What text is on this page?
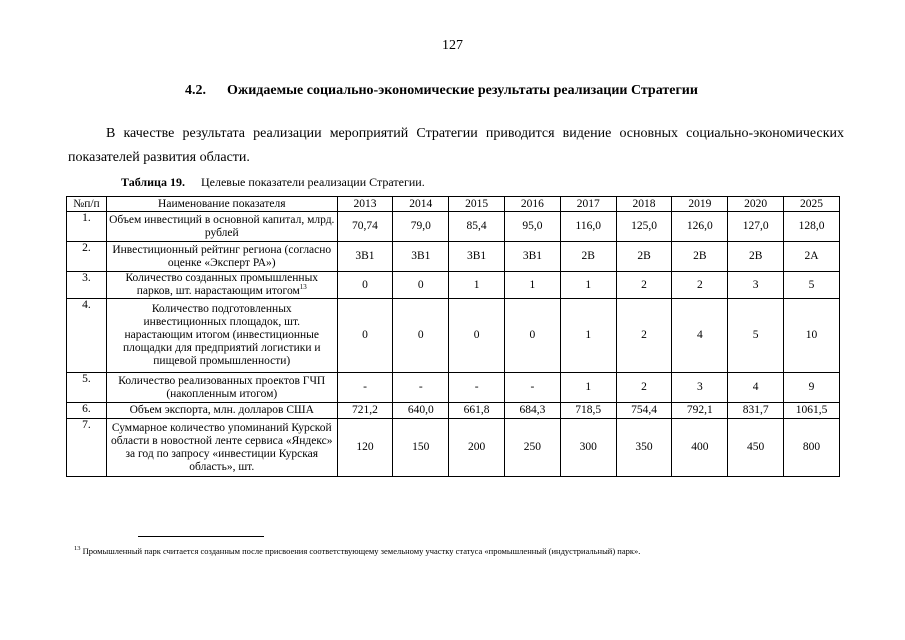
127
4.2. Ожидаемые социально-экономические результаты реализации Стратегии
В качестве результата реализации мероприятий Стратегии приводится видение основных социально-экономических показателей развития области.
Таблица 19. Целевые показатели реализации Стратегии.
№п/п	Наименование показателя	2013	2014	2015	2016	2017	2018	2019	2020	2025
1.	Объем инвестиций в основной капитал, млрд. рублей	70,74	79,0	85,4	95,0	116,0	125,0	126,0	127,0	128,0
2.	Инвестиционный рейтинг региона (согласно оценке «Эксперт РА»)	3B1	3B1	3B1	3B1	2B	2B	2B	2B	2A
3.	Количество созданных промышленных парков, шт. нарастающим итогом$^{13}$	0	0	1	1	1	2	2	3	5
4.	Количество подготовленных инвестиционных площадок, шт. нарастающим итогом (инвестиционные площадки для предприятий логистики и пищевой промышленности)	0	0	0	0	1	2	4	5	10
5.	Количество реализованных проектов ГЧП (накопленным итогом)	-	-	-	-	1	2	3	4	9
6.	Объем экспорта, млн. долларов США	721,2	640,0	661,8	684,3	718,5	754,4	792,1	831,7	1061,5
7.	Суммарное количество упоминаний Курской области в новостной ленте сервиса «Яндекс» за год по запросу «инвестиции Курская область», шт.	120	150	200	250	300	350	400	450	800
$^{13}$ Промышленный парк считается созданным после присвоения соответствующему земельному участку статуса «промышленный (индустриальный) парк».
